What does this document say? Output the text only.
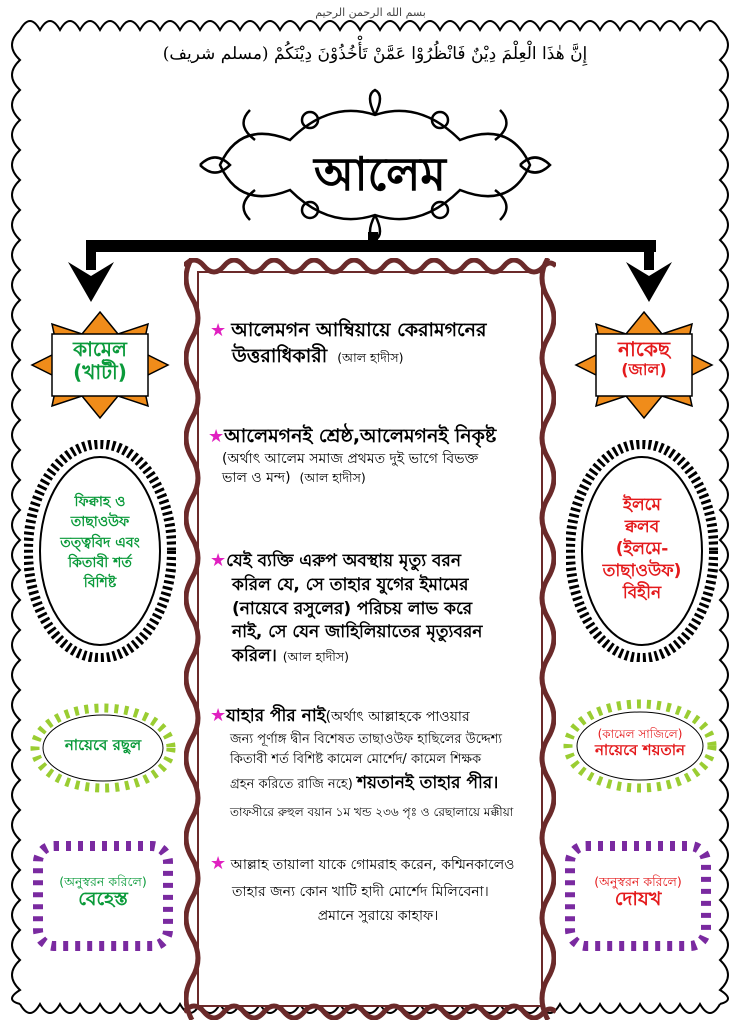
بسم الله الرحمن الرحيم
إِنَّ هٰذَا الْعِلْمَ دِيْنٌ فَانْظُرُوْا عَمَّنْ تَأْخُذُوْنَ دِيْنَكُمْ (مسلم شريف)
আলেম
★ আলেমগন আম্বিয়ায়ে কেরামগনের
উত্তরাধিকারী (আল হাদীস)
★আলেমগনই শ্রেষ্ঠ,আলেমগনই নিকৃষ্ট
(অর্থাৎ আলেম সমাজ প্রথমত দুই ভাগে বিভক্ত
ভাল ও মন্দ) (আল হাদীস)
★যেই ব্যক্তি এরুপ অবস্থায় মৃত্যু বরন
করিল যে, সে তাহার যুগের ইমামের
(নায়েবে রসুলের) পরিচয় লাভ করে
নাই, সে যেন জাহিলিয়াতের মৃত্যুবরন
করিল। (আল হাদীস)
★যাহার পীর নাই(অর্থাৎ আল্লাহকে পাওয়ার
জন্য পূর্ণাঙ্গ দ্বীন বিশেষত তাছাওউফ হাছিলের উদ্দেশ্য
কিতাবী শর্ত বিশিষ্ট কামেল মোর্শেদ/ কামেল শিক্ষক
গ্রহন করিতে রাজি নহে) শয়তানই তাহার পীর।
তাফসীরে রুহুল বয়ান ১ম খন্ড ২৩৬ পৃঃ ও রেছালায়ে মক্কীয়া
★ আল্লাহ তায়ালা যাকে গোমরাহ করেন, কশ্মিনকালেও
তাহার জন্য কোন খাটি হাদী মোর্শেদ মিলিবেনা।
প্রমানে সুরায়ে কাহাফ।
কামেল
(খাটী)
ফিক্বাহ ও
তাছাওউফ
তত্ত্ববিদ এবং
কিতাবী শর্ত
বিশিষ্ট
নায়েবে রছুল
(অনুস্বরন করিলে)
বেহেস্ত
নাকেছ
(জাল)
ইলমে
ক্বলব
(ইলমে-
তাছাওউফ)
বিহীন
(কামেল সাজিলে)
নায়েবে শয়তান
(অনুস্বরন করিলে)
দোযখ
